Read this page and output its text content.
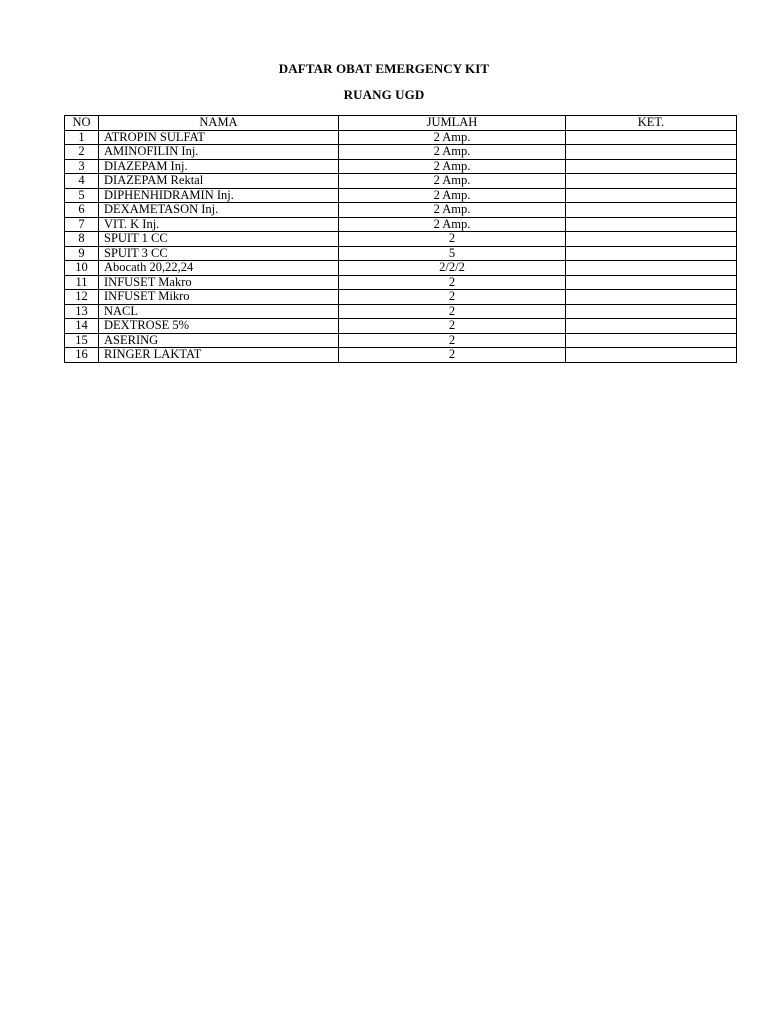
DAFTAR OBAT EMERGENCY KIT
RUANG UGD
NO	NAMA	JUMLAH	KET.
1	ATROPIN SULFAT	2 Amp.	
2	AMINOFILIN Inj.	2 Amp.	
3	DIAZEPAM Inj.	2 Amp.	
4	DIAZEPAM Rektal	2 Amp.	
5	DIPHENHIDRAMIN Inj.	2 Amp.	
6	DEXAMETASON Inj.	2 Amp.	
7	VIT. K Inj.	2 Amp.	
8	SPUIT 1 CC	2	
9	SPUIT 3 CC	5	
10	Abocath 20,22,24	2/2/2	
11	INFUSET Makro	2	
12	INFUSET Mikro	2	
13	NACL	2	
14	DEXTROSE 5%	2	
15	ASERING	2	
16	RINGER LAKTAT	2	
